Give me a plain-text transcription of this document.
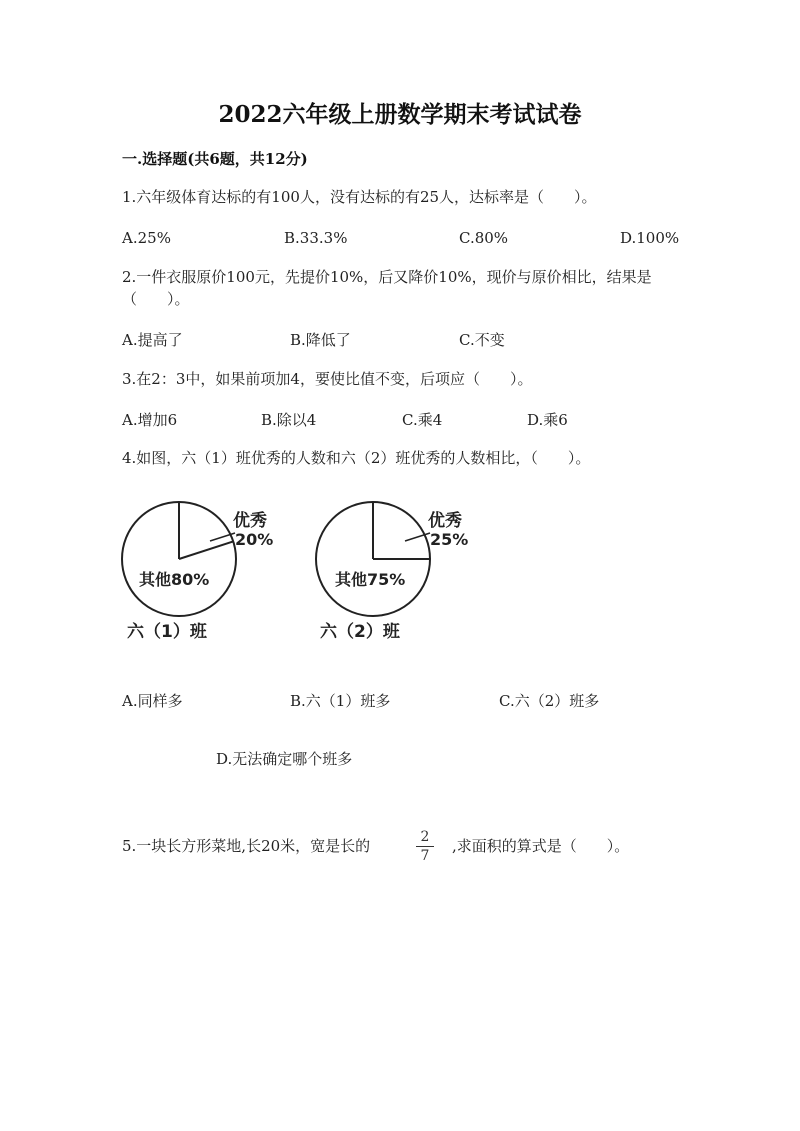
2022六年级上册数学期末考试试卷
一.选择题(共6题，共12分)
1.六年级体育达标的有100人，没有达标的有25人，达标率是（　　）。
A.25%	B.33.3%	C.80%	D.100%
2.一件衣服原价100元，先提价10%，后又降价10%，现价与原价相比，结果是
（　　）。
A.提高了	B.降低了	C.不变
3.在2：3中，如果前项加4，要使比值不变，后项应（　　）。
A.增加6	B.除以4	C.乘4	D.乘6
4.如图，六（1）班优秀的人数和六（2）班优秀的人数相比，（　　）。
优秀
20%
其他80%
六（1）班
优秀
25%
其他75%
六（2）班
A.同样多	B.六（1）班多	C.六（2）班多
D.无法确定哪个班多
5.一块长方形菜地,长20米，宽是长的	2
7
,求面积的算式是（　　）。
